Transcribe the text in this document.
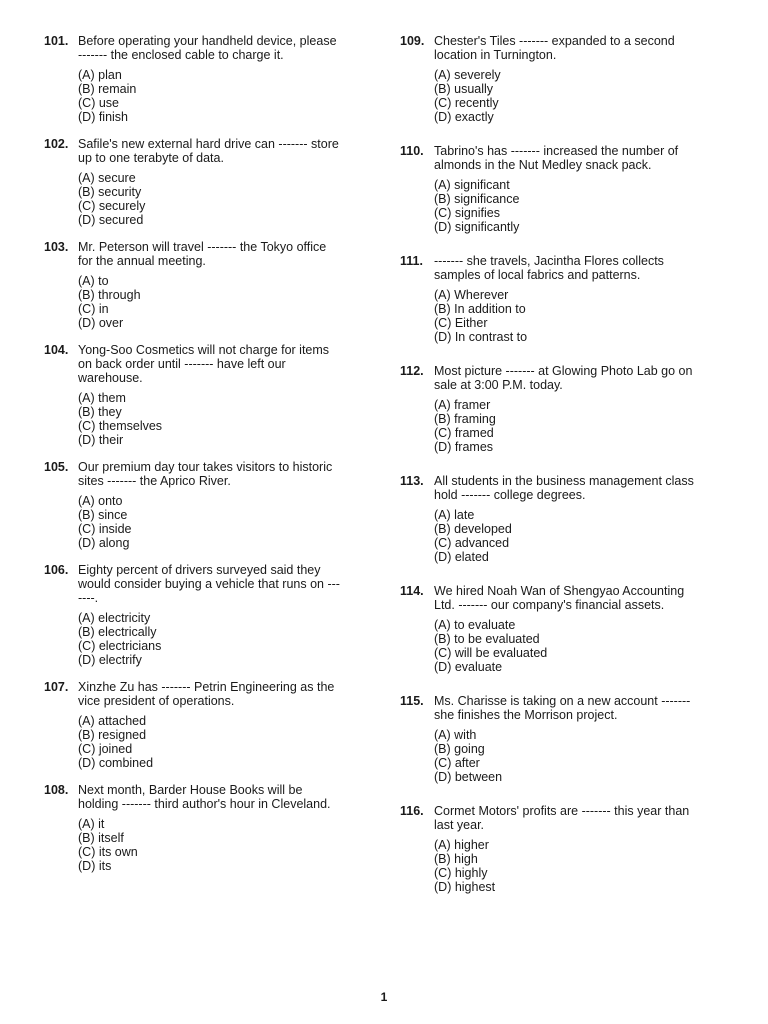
101. Before operating your handheld device, please ------- the enclosed cable to charge it.
(A) plan
(B) remain
(C) use
(D) finish
102. Safile's new external hard drive can ------- store up to one terabyte of data.
(A) secure
(B) security
(C) securely
(D) secured
103. Mr. Peterson will travel ------- the Tokyo office for the annual meeting.
(A) to
(B) through
(C) in
(D) over
104. Yong-Soo Cosmetics will not charge for items on back order until ------- have left our warehouse.
(A) them
(B) they
(C) themselves
(D) their
105. Our premium day tour takes visitors to historic sites ------- the Aprico River.
(A) onto
(B) since
(C) inside
(D) along
106. Eighty percent of drivers surveyed said they would consider buying a vehicle that runs on -------.
(A) electricity
(B) electrically
(C) electricians
(D) electrify
107. Xinzhe Zu has ------- Petrin Engineering as the vice president of operations.
(A) attached
(B) resigned
(C) joined
(D) combined
108. Next month, Barder House Books will be holding ------- third author's hour in Cleveland.
(A) it
(B) itself
(C) its own
(D) its
109. Chester's Tiles ------- expanded to a second location in Turnington.
(A) severely
(B) usually
(C) recently
(D) exactly
110. Tabrino's has ------- increased the number of almonds in the Nut Medley snack pack.
(A) significant
(B) significance
(C) signifies
(D) significantly
111. ------- she travels, Jacintha Flores collects samples of local fabrics and patterns.
(A) Wherever
(B) In addition to
(C) Either
(D) In contrast to
112. Most picture ------- at Glowing Photo Lab go on sale at 3:00 P.M. today.
(A) framer
(B) framing
(C) framed
(D) frames
113. All students in the business management class hold ------- college degrees.
(A) late
(B) developed
(C) advanced
(D) elated
114. We hired Noah Wan of Shengyao Accounting Ltd. ------- our company's financial assets.
(A) to evaluate
(B) to be evaluated
(C) will be evaluated
(D) evaluate
115. Ms. Charisse is taking on a new account ------- she finishes the Morrison project.
(A) with
(B) going
(C) after
(D) between
116. Cormet Motors' profits are ------- this year than last year.
(A) higher
(B) high
(C) highly
(D) highest
1
